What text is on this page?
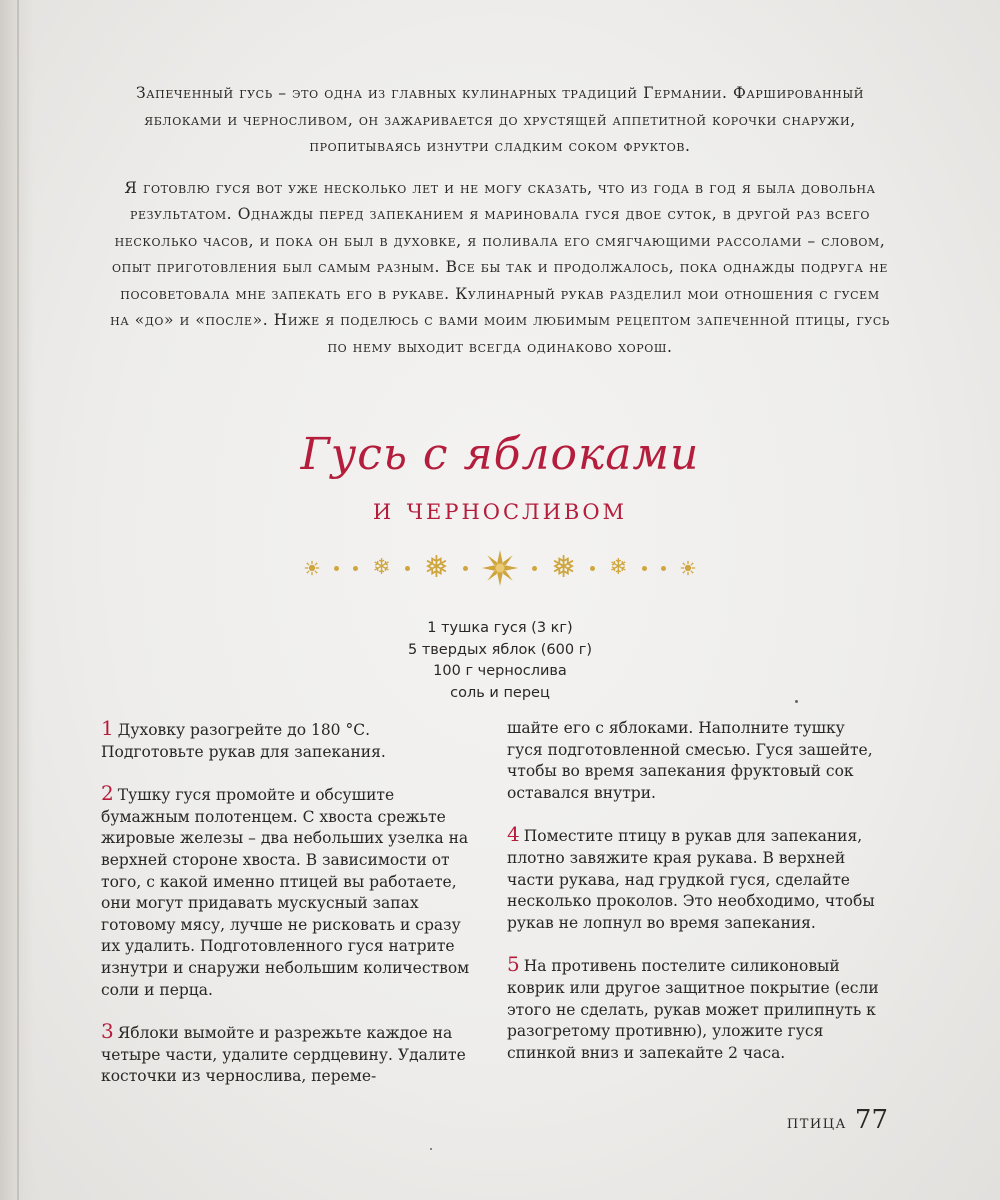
Запеченный гусь – это одна из главных кулинарных традиций Германии. Фаршированный яблоками и черносливом, он зажаривается до хрустящей аппетитной корочки снаружи, пропитываясь изнутри сладким соком фруктов.

Я готовлю гуся вот уже несколько лет и не могу сказать, что из года в год я была довольна результатом. Однажды перед запеканием я мариновала гуся двое суток, в другой раз всего несколько часов, и пока он был в духовке, я поливала его смягчающими рассолами – словом, опыт приготовления был самым разным. Все бы так и продолжалось, пока однажды подруга не посоветовала мне запекать его в рукаве. Кулинарный рукав разделил мои отношения с гусем на «до» и «после». Ниже я поделюсь с вами моим любимым рецептом запеченной птицы, гусь по нему выходит всегда одинаково хорош.

Гусь с яблоками
и черносливом
❄ ❅	❅ ❄
1 тушка гуся (3 кг)
5 твердых яблок (600 г)
100 г чернослива
соль и перец
1 Духовку разогрейте до 180 °С. Подготовьте рукав для запекания.
2 Тушку гуся промойте и обсушите бумажным полотенцем. С хвоста срежьте жировые железы – два небольших узелка на верхней стороне хвоста. В зависимости от того, с какой именно птицей вы работаете, они могут придавать мускусный запах готовому мясу, лучше не рисковать и сразу их удалить. Подготовленного гуся натрите изнутри и снаружи небольшим количеством соли и перца.
3 Яблоки вымойте и разрежьте каждое на четыре части, удалите сердцевину. Удалите косточки из чернослива, переме-
шайте его с яблоками. Наполните тушку гуся подготовленной смесью. Гуся зашейте, чтобы во время запекания фруктовый сок оставался внутри.
4 Поместите птицу в рукав для запекания, плотно завяжите края рукава. В верхней части рукава, над грудкой гуся, сделайте несколько проколов. Это необходимо, чтобы рукав не лопнул во время запекания.
5 На противень постелите силиконовый коврик или другое защитное покрытие (если этого не сделать, рукав может прилипнуть к разогретому противню), уложите гуся спинкой вниз и запекайте 2 часа.
птица 77
